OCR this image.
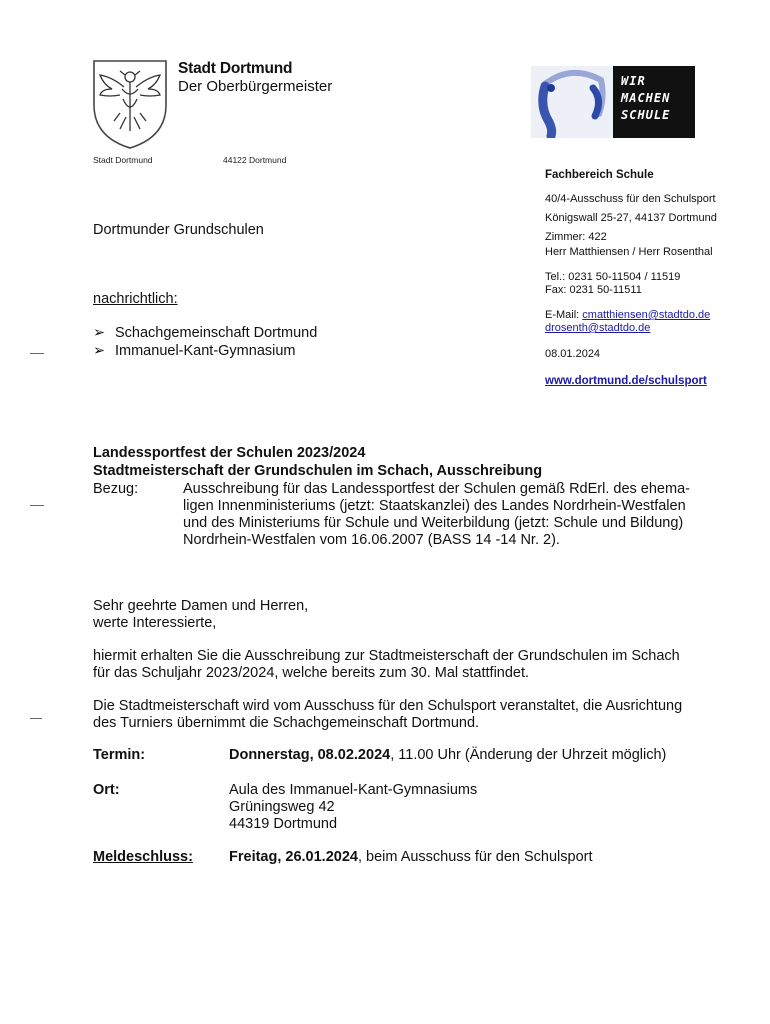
Stadt Dortmund
Der Oberbürgermeister
Stadt Dortmund	44122 Dortmund
WIR
MACHEN
SCHULE
Fachbereich Schule
40/4-Ausschuss für den Schulsport
Königswall 25-27, 44137 Dortmund
Zimmer: 422
Herr Matthiensen / Herr Rosenthal
Tel.: 0231 50-11504 / 11519
Fax: 0231 50-11511
E-Mail: cmatthiensen@stadtdo.de
drosenth@stadtdo.de
08.01.2024
www.dortmund.de/schulsport
Dortmunder Grundschulen
nachrichtlich:
➢ Schachgemeinschaft Dortmund
➢ Immanuel-Kant-Gymnasium
Landessportfest der Schulen 2023/2024
Stadtmeisterschaft der Grundschulen im Schach, Ausschreibung
Bezug:	Ausschreibung für das Landessportfest der Schulen gemäß RdErl. des ehema-
ligen Innenministeriums (jetzt: Staatskanzlei) des Landes Nordrhein-Westfalen
und des Ministeriums für Schule und Weiterbildung (jetzt: Schule und Bildung)
Nordrhein-Westfalen vom 16.06.2007 (BASS 14 -14 Nr. 2).
Sehr geehrte Damen und Herren,
werte Interessierte,
hiermit erhalten Sie die Ausschreibung zur Stadtmeisterschaft der Grundschulen im Schach
für das Schuljahr 2023/2024, welche bereits zum 30. Mal stattfindet.
Die Stadtmeisterschaft wird vom Ausschuss für den Schulsport veranstaltet, die Ausrichtung
des Turniers übernimmt die Schachgemeinschaft Dortmund.
Termin:	Donnerstag, 08.02.2024, 11.00 Uhr (Änderung der Uhrzeit möglich)
Ort:	Aula des Immanuel-Kant-Gymnasiums
Grüningsweg 42
44319 Dortmund
Meldeschluss: Freitag, 26.01.2024, beim Ausschuss für den Schulsport
